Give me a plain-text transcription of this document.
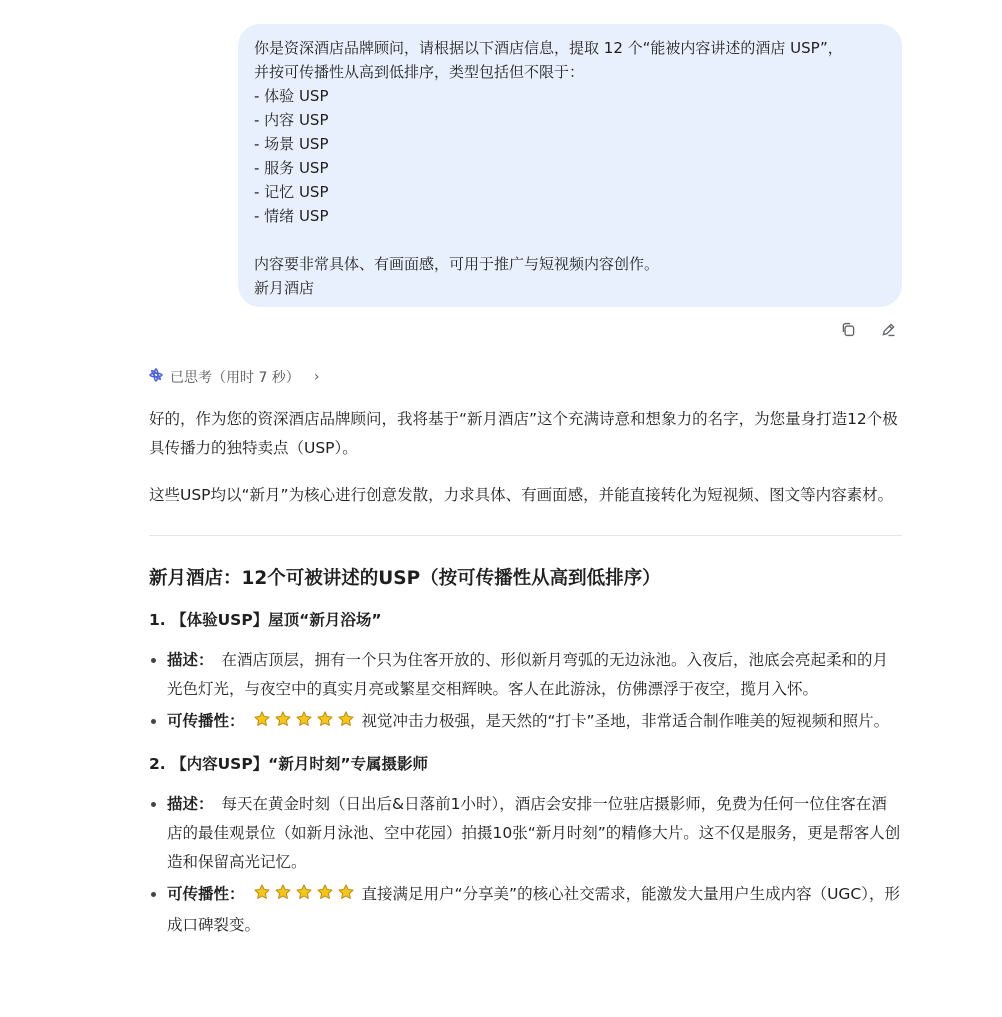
你是资深酒店品牌顾问，请根据以下酒店信息，提取 12 个“能被内容讲述的酒店 USP”，
并按可传播性从高到低排序，类型包括但不限于：
- 体验 USP
- 内容 USP
- 场景 USP
- 服务 USP
- 记忆 USP
- 情绪 USP
内容要非常具体、有画面感，可用于推广与短视频内容创作。
新月酒店
已思考（用时 7 秒） ›

好的，作为您的资深酒店品牌顾问，我将基于“新月酒店”这个充满诗意和想象力的名字，为您量身打造12个极具传播力的独特卖点（USP）。

这些USP均以“新月”为核心进行创意发散，力求具体、有画面感，并能直接转化为短视频、图文等内容素材。

新月酒店：12个可被讲述的USP（按可传播性从高到低排序）
1. 【体验USP】屋顶“新月浴场”
描述： 在酒店顶层，拥有一个只为住客开放的、形似新月弯弧的无边泳池。入夜后，池底会亮起柔和的月光色灯光，与夜空中的真实月亮或繁星交相辉映。客人在此游泳，仿佛漂浮于夜空，揽月入怀。
可传播性：	视觉冲击力极强，是天然的“打卡”圣地，非常适合制作唯美的短视频和照片。
2. 【内容USP】“新月时刻”专属摄影师
描述： 每天在黄金时刻（日出后&日落前1小时），酒店会安排一位驻店摄影师，免费为任何一位住客在酒店的最佳观景位（如新月泳池、空中花园）拍摄10张“新月时刻”的精修大片。这不仅是服务，更是帮客人创造和保留高光记忆。
可传播性：	直接满足用户“分享美”的核心社交需求，能激发大量用户生成内容（UGC），形成口碑裂变。
